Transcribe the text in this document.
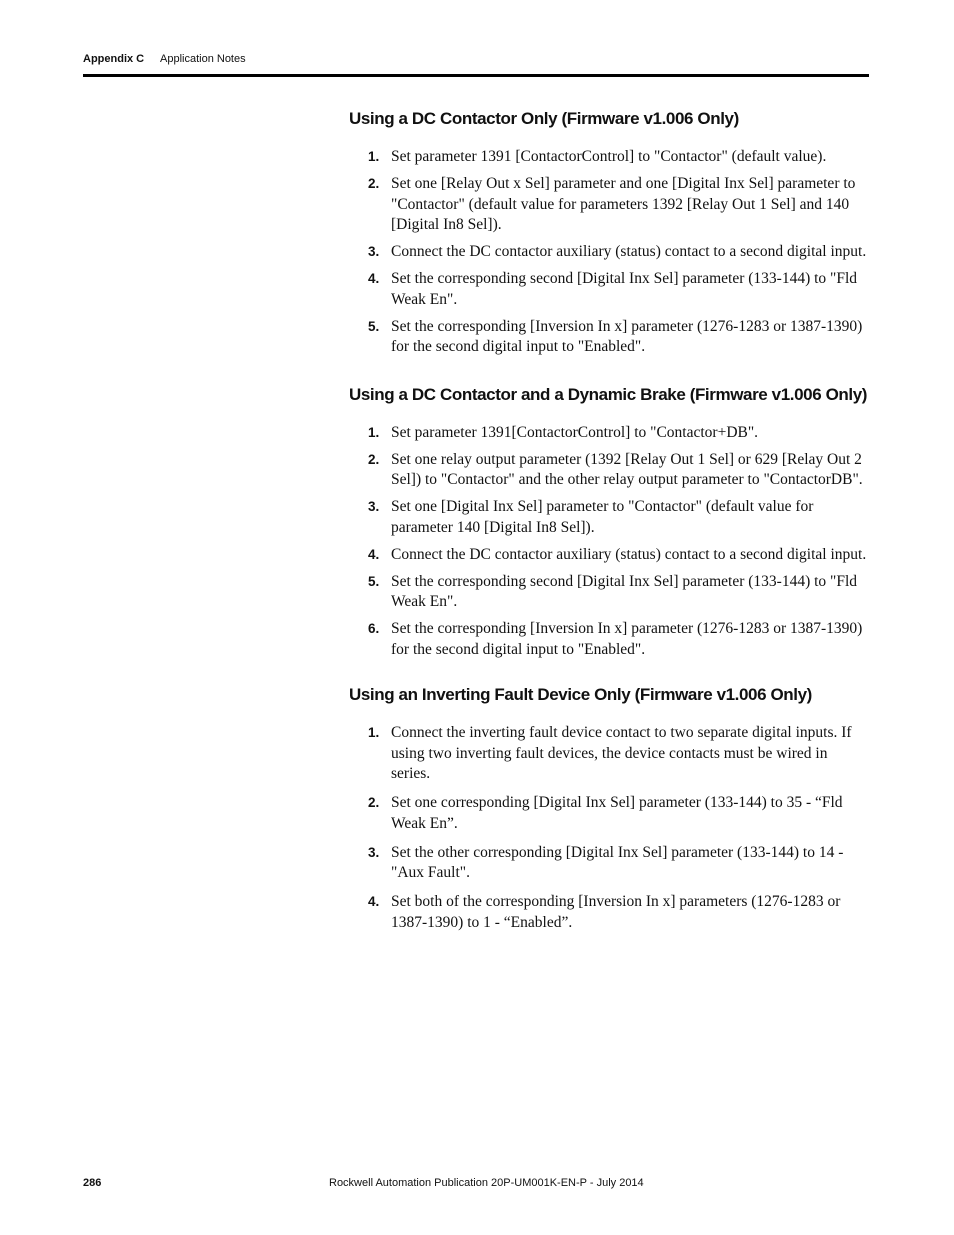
Appendix C Application Notes
Using a DC Contactor Only (Firmware v1.006 Only)
1. Set parameter 1391 [ContactorControl] to "Contactor" (default value).
2. Set one [Relay Out x Sel] parameter and one [Digital Inx Sel] parameter to "Contactor" (default value for parameters 1392 [Relay Out 1 Sel] and 140 [Digital In8 Sel]).
3. Connect the DC contactor auxiliary (status) contact to a second digital input.
4. Set the corresponding second [Digital Inx Sel] parameter (133-144) to "Fld Weak En".
5. Set the corresponding [Inversion In x] parameter (1276-1283 or 1387-1390) for the second digital input to "Enabled".
Using a DC Contactor and a Dynamic Brake (Firmware v1.006 Only)
1. Set parameter 1391[ContactorControl] to "Contactor+DB".
2. Set one relay output parameter (1392 [Relay Out 1 Sel] or 629 [Relay Out 2 Sel]) to "Contactor" and the other relay output parameter to "ContactorDB".
3. Set one [Digital Inx Sel] parameter to "Contactor" (default value for parameter 140 [Digital In8 Sel]).
4. Connect the DC contactor auxiliary (status) contact to a second digital input.
5. Set the corresponding second [Digital Inx Sel] parameter (133-144) to "Fld Weak En".
6. Set the corresponding [Inversion In x] parameter (1276-1283 or 1387-1390) for the second digital input to "Enabled".
Using an Inverting Fault Device Only (Firmware v1.006 Only)
1. Connect the inverting fault device contact to two separate digital inputs. If using two inverting fault devices, the device contacts must be wired in series.
2. Set one corresponding [Digital Inx Sel] parameter (133-144) to 35 - “Fld Weak En”.
3. Set the other corresponding [Digital Inx Sel] parameter (133-144) to 14 - "Aux Fault".
4. Set both of the corresponding [Inversion In x] parameters (1276-1283 or 1387-1390) to 1 - “Enabled”.
286	Rockwell Automation Publication 20P-UM001K-EN-P - July 2014
